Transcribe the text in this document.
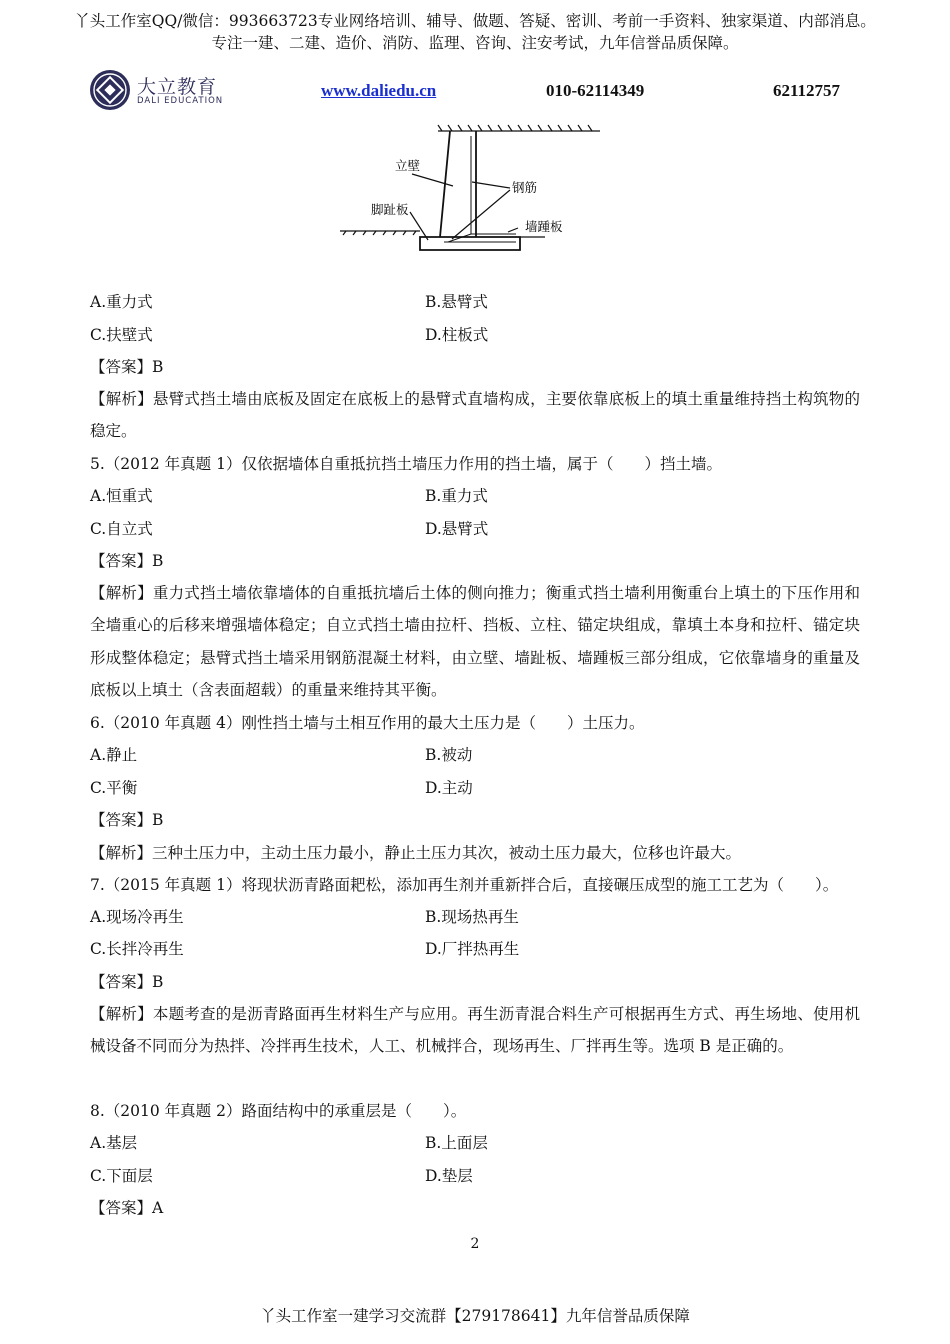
丫头工作室QQ/微信：993663723专业网络培训、辅导、做题、答疑、密训、考前一手资料、独家渠道、内部消息。
专注一建、二建、造价、消防、监理、咨询、注安考试，九年信誉品质保障。
大立教育
DALI EDUCATION
www.daliedu.cn	010-62114349	62112757
立壁
钢筋
脚趾板
墙踵板
A.重力式	B.悬臂式
C.扶壁式	D.柱板式
【答案】B
【解析】悬臂式挡土墙由底板及固定在底板上的悬臂式直墙构成，主要依靠底板上的填土重量维持挡土构筑物的稳定。
5.（2012 年真题 1）仅依据墙体自重抵抗挡土墙压力作用的挡土墙，属于（　　）挡土墙。
A.恒重式	B.重力式
C.自立式	D.悬臂式
【答案】B
【解析】重力式挡土墙依靠墙体的自重抵抗墙后土体的侧向推力；衡重式挡土墙利用衡重台上填土的下压作用和全墙重心的后移来增强墙体稳定；自立式挡土墙由拉杆、挡板、立柱、锚定块组成，靠填土本身和拉杆、锚定块形成整体稳定；悬臂式挡土墙采用钢筋混凝土材料，由立壁、墙趾板、墙踵板三部分组成，它依靠墙身的重量及底板以上填土（含表面超载）的重量来维持其平衡。
6.（2010 年真题 4）刚性挡土墙与土相互作用的最大土压力是（　　）土压力。
A.静止	B.被动
C.平衡	D.主动
【答案】B
【解析】三种土压力中，主动土压力最小，静止土压力其次，被动土压力最大，位移也许最大。
7.（2015 年真题 1）将现状沥青路面耙松，添加再生剂并重新拌合后，直接碾压成型的施工工艺为（　　）。
A.现场冷再生	B.现场热再生
C.长拌冷再生	D.厂拌热再生
【答案】B
【解析】本题考查的是沥青路面再生材料生产与应用。再生沥青混合料生产可根据再生方式、再生场地、使用机械设备不同而分为热拌、冷拌再生技术，人工、机械拌合，现场再生、厂拌再生等。选项 B 是正确的。
8.（2010 年真题 2）路面结构中的承重层是（　　）。
A.基层	B.上面层
C.下面层	D.垫层
【答案】A
2
丫头工作室一建学习交流群【279178641】九年信誉品质保障
